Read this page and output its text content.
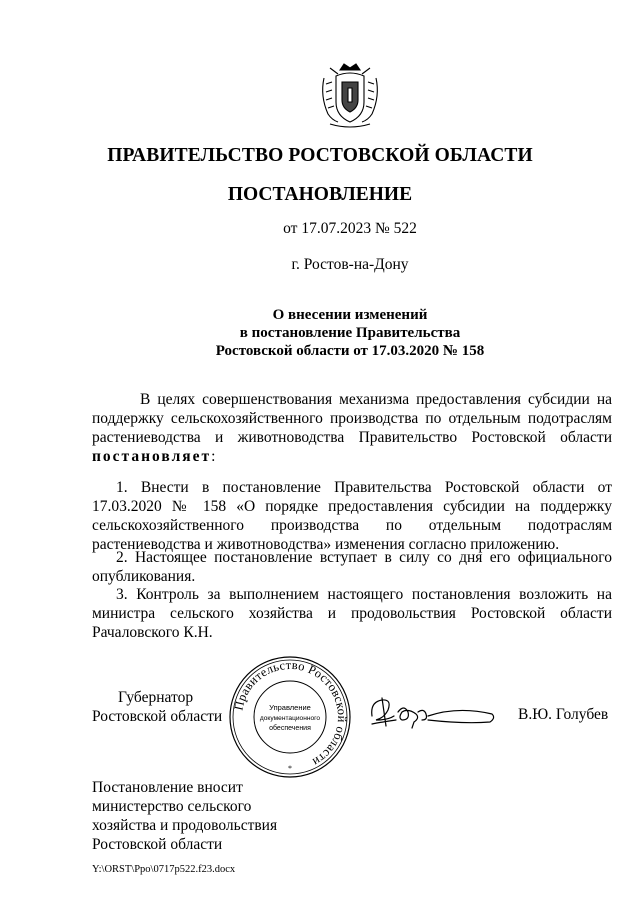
ПРАВИТЕЛЬСТВО РОСТОВСКОЙ ОБЛАСТИ
ПОСТАНОВЛЕНИЕ
от 17.07.2023 № 522
г. Ростов-на-Дону
О внесении изменений
в постановление Правительства
Ростовской области от 17.03.2020 № 158
В целях совершенствования механизма предоставления субсидии на поддержку сельскохозяйственного производства по отдельным подотраслям растениеводства и животноводства Правительство Ростовской области постановляет:
1. Внести в постановление Правительства Ростовской области от 17.03.2020 № 158 «О порядке предоставления субсидии на поддержку сельскохозяйственного производства по отдельным подотраслям растениеводства и животноводства» изменения согласно приложению.
2. Настоящее постановление вступает в силу со дня его официального опубликования.
3. Контроль за выполнением настоящего постановления возложить на министра сельского хозяйства и продовольствия Ростовской области Рачаловского К.Н.
Губернатор
Ростовской области
Правительство Ростовской области
Управление
документационного
обеспечения
*
В.Ю. Голубев
Постановление вносит
министерство сельского
хозяйства и продовольствия
Ростовской области
Y:\ORST\Ppo\0717p522.f23.docx
